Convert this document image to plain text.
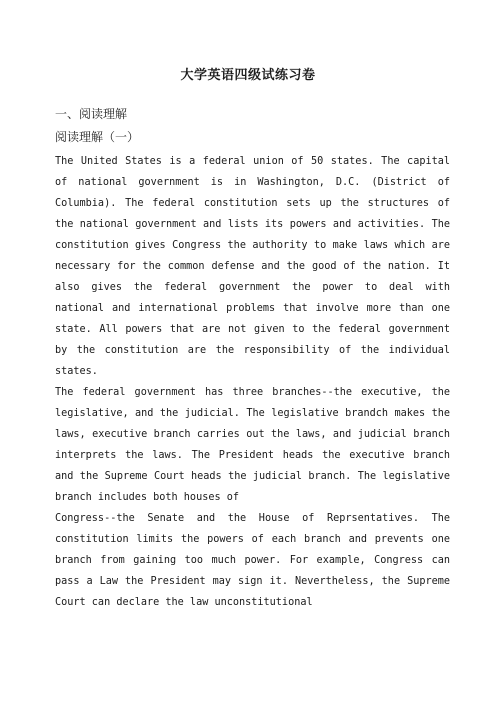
大学英语四级试练习卷
一、阅读理解
阅读理解（一）

The United States is a federal union of 50 states. The capital of national government is in Washington, D.C. (District of Columbia). The federal constitution sets up the structures of the national government and lists its powers and activities. The constitution gives Congress the authority to make laws which are necessary for the common defense and the good of the nation. It also gives the federal government the power to deal with national and international problems that involve more than one state. All powers that are not given to the federal government by the constitution are the responsibility of the individual states.

The federal government has three branches--the executive, the legislative, and the judicial. The legislative brandch makes the laws, executive branch carries out the laws, and judicial branch interprets the laws. The President heads the executive branch and the Supreme Court heads the judicial branch. The legislative branch includes both houses of

Congress--the Senate and the House of Reprsentatives. The constitution limits the powers of each branch and prevents one branch from gaining too much power. For example, Congress can pass a Law the President may sign it. Nevertheless, the Supreme Court can declare the law unconstitutional
